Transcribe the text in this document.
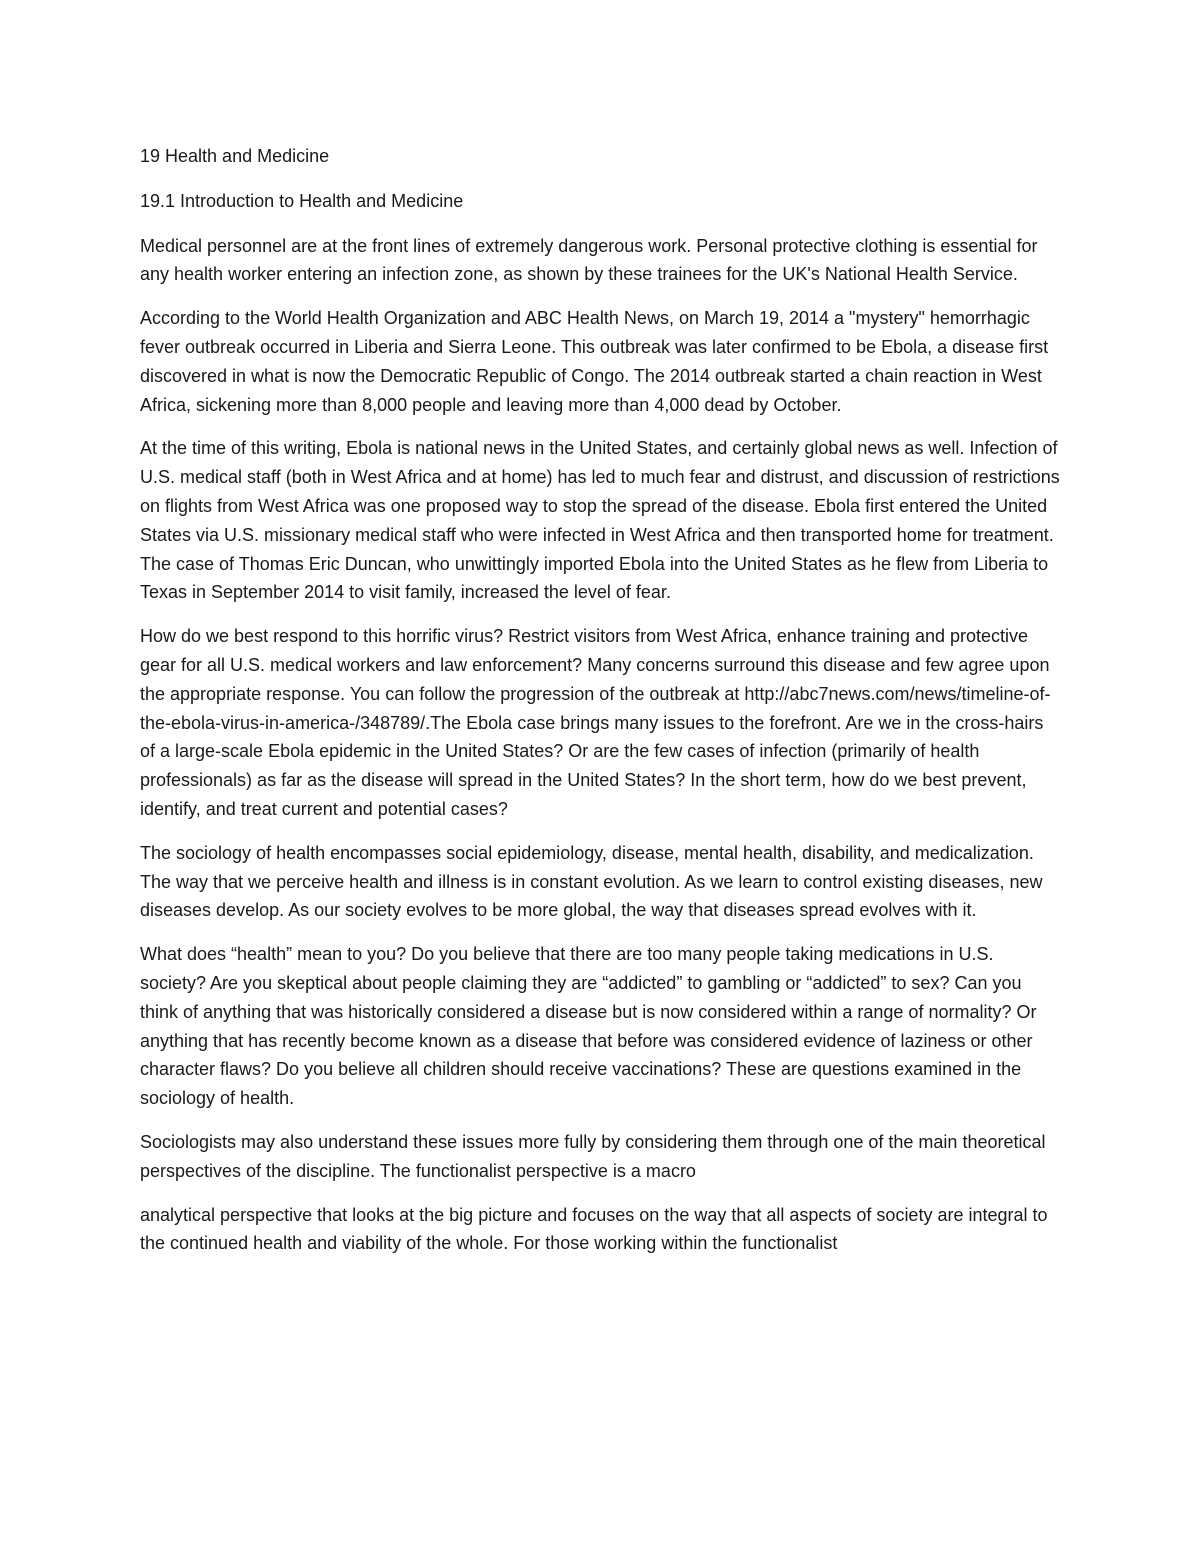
19 Health and Medicine

19.1 Introduction to Health and Medicine

Medical personnel are at the front lines of extremely dangerous work. Personal protective clothing is essential for any health worker entering an infection zone, as shown by these trainees for the UK's National Health Service.

According to the World Health Organization and ABC Health News, on March 19, 2014 a "mystery" hemorrhagic fever outbreak occurred in Liberia and Sierra Leone. This outbreak was later confirmed to be Ebola, a disease first discovered in what is now the Democratic Republic of Congo. The 2014 outbreak started a chain reaction in West Africa, sickening more than 8,000 people and leaving more than 4,000 dead by October.

At the time of this writing, Ebola is national news in the United States, and certainly global news as well. Infection of U.S. medical staff (both in West Africa and at home) has led to much fear and distrust, and discussion of restrictions on flights from West Africa was one proposed way to stop the spread of the disease. Ebola first entered the United States via U.S. missionary medical staff who were infected in West Africa and then transported home for treatment. The case of Thomas Eric Duncan, who unwittingly imported Ebola into the United States as he flew from Liberia to Texas in September 2014 to visit family, increased the level of fear.

How do we best respond to this horrific virus? Restrict visitors from West Africa, enhance training and protective gear for all U.S. medical workers and law enforcement? Many concerns surround this disease and few agree upon the appropriate response. You can follow the progression of the outbreak at http://abc7news.com/news/timeline-of-the-ebola-virus-in-america-/348789/.The Ebola case brings many issues to the forefront. Are we in the cross-hairs of a large-scale Ebola epidemic in the United States? Or are the few cases of infection (primarily of health professionals) as far as the disease will spread in the United States? In the short term, how do we best prevent, identify, and treat current and potential cases?

The sociology of health encompasses social epidemiology, disease, mental health, disability, and medicalization. The way that we perceive health and illness is in constant evolution. As we learn to control existing diseases, new diseases develop. As our society evolves to be more global, the way that diseases spread evolves with it.

What does “health” mean to you? Do you believe that there are too many people taking medications in U.S. society? Are you skeptical about people claiming they are “addicted” to gambling or “addicted” to sex? Can you think of anything that was historically considered a disease but is now considered within a range of normality? Or anything that has recently become known as a disease that before was considered evidence of laziness or other character flaws? Do you believe all children should receive vaccinations? These are questions examined in the sociology of health.

Sociologists may also understand these issues more fully by considering them through one of the main theoretical perspectives of the discipline. The functionalist perspective is a macro

analytical perspective that looks at the big picture and focuses on the way that all aspects of society are integral to the continued health and viability of the whole. For those working within the functionalist
